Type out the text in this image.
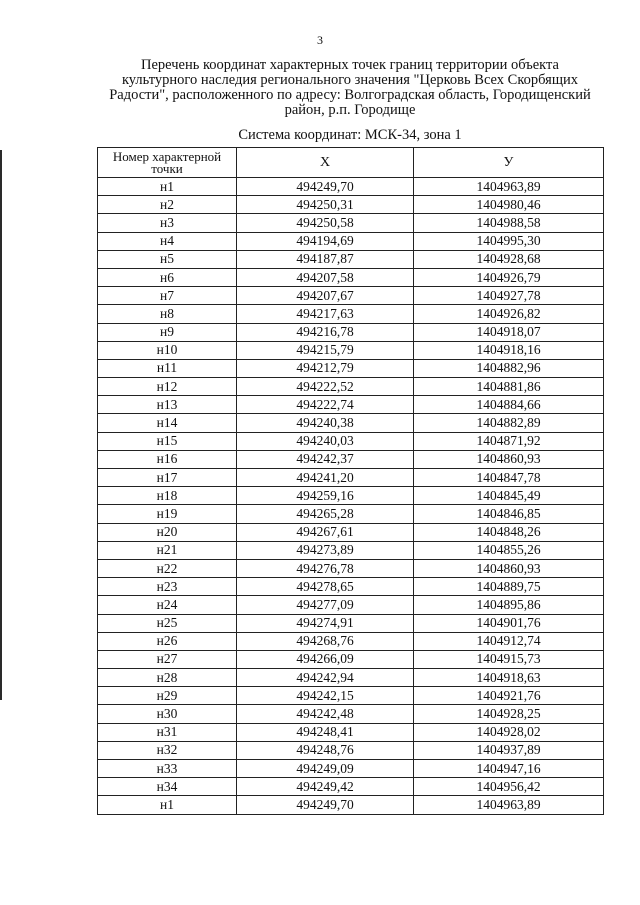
3
Перечень координат характерных точек границ территории объекта
культурного наследия регионального значения "Церковь Всех Скорбящих
Радости", расположенного по адресу: Волгоградская область, Городищенский
район, р.п. Городище
Система координат: МСК-34, зона 1
Номер характерной точки	X	У
н1	494249,70	1404963,89
н2	494250,31	1404980,46
н3	494250,58	1404988,58
н4	494194,69	1404995,30
н5	494187,87	1404928,68
н6	494207,58	1404926,79
н7	494207,67	1404927,78
н8	494217,63	1404926,82
н9	494216,78	1404918,07
н10	494215,79	1404918,16
н11	494212,79	1404882,96
н12	494222,52	1404881,86
н13	494222,74	1404884,66
н14	494240,38	1404882,89
н15	494240,03	1404871,92
н16	494242,37	1404860,93
н17	494241,20	1404847,78
н18	494259,16	1404845,49
н19	494265,28	1404846,85
н20	494267,61	1404848,26
н21	494273,89	1404855,26
н22	494276,78	1404860,93
н23	494278,65	1404889,75
н24	494277,09	1404895,86
н25	494274,91	1404901,76
н26	494268,76	1404912,74
н27	494266,09	1404915,73
н28	494242,94	1404918,63
н29	494242,15	1404921,76
н30	494242,48	1404928,25
н31	494248,41	1404928,02
н32	494248,76	1404937,89
н33	494249,09	1404947,16
н34	494249,42	1404956,42
н1	494249,70	1404963,89
